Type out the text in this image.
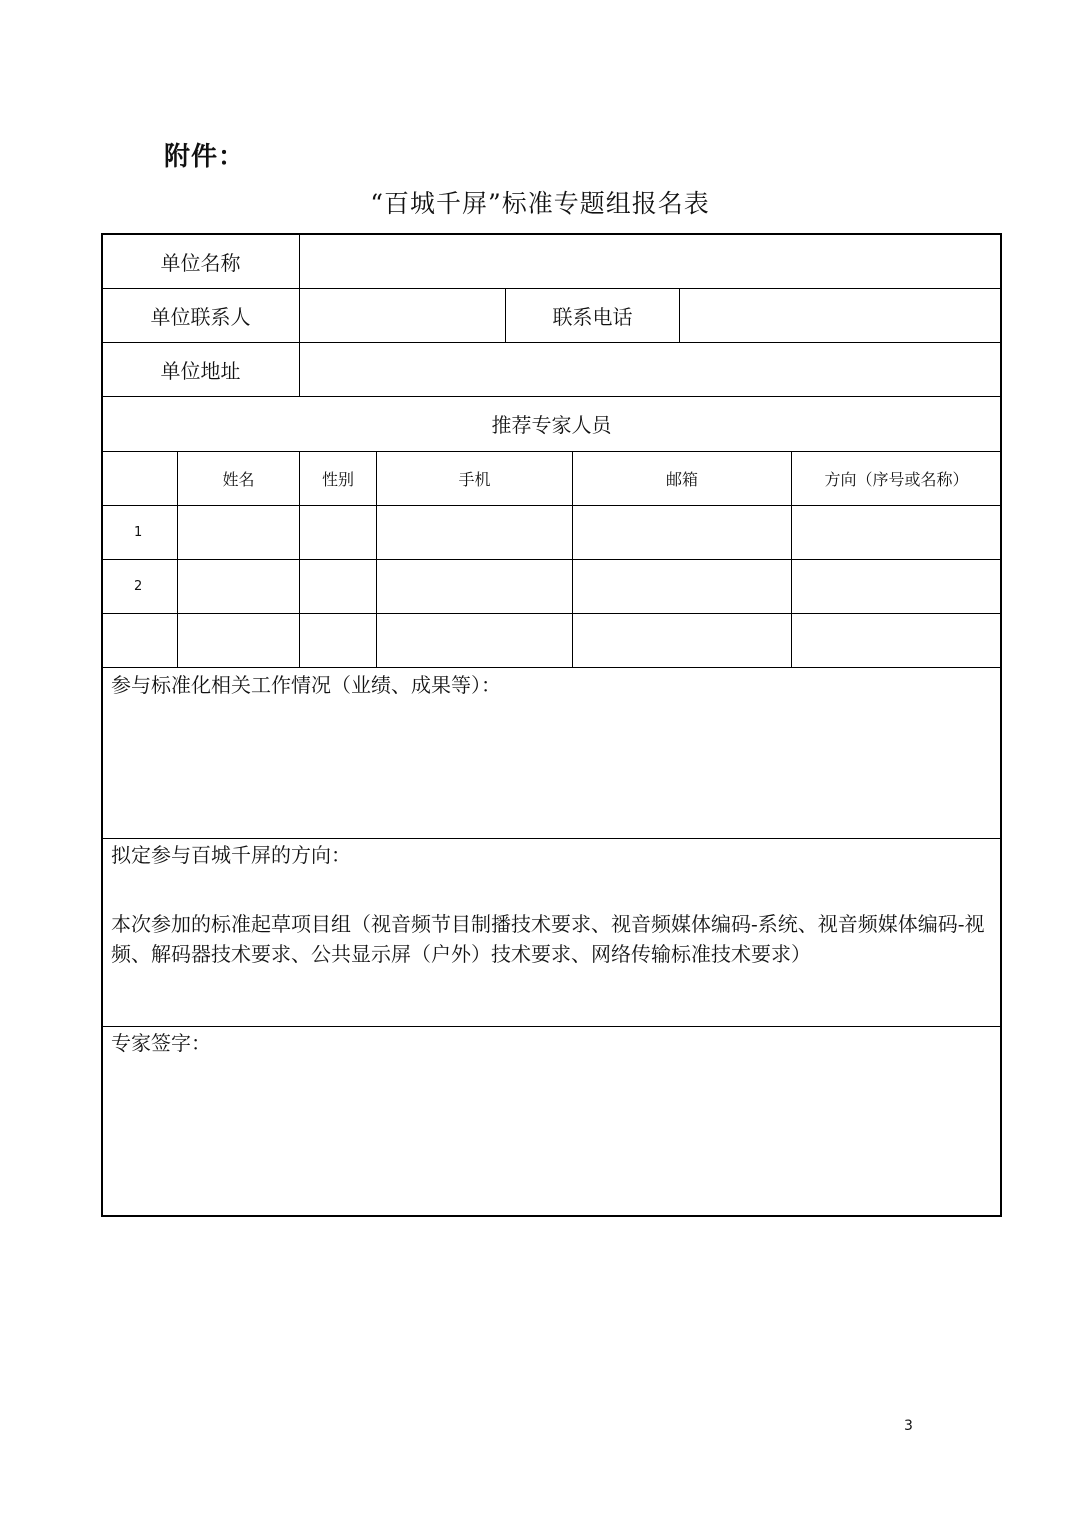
附件：
“百城千屏”标准专题组报名表
单位名称
单位联系人	联系电话
单位地址
推荐专家人员
姓名	性别	手机	邮箱	方向（序号或名称）
1
2
参与标准化相关工作情况（业绩、成果等）：
拟定参与百城千屏的方向：
本次参加的标准起草项目组（视音频节目制播技术要求、视音频媒体编码-系统、视音频媒体编码-视频、解码器技术要求、公共显示屏（户外）技术要求、网络传输标准技术要求）
专家签字：
3
